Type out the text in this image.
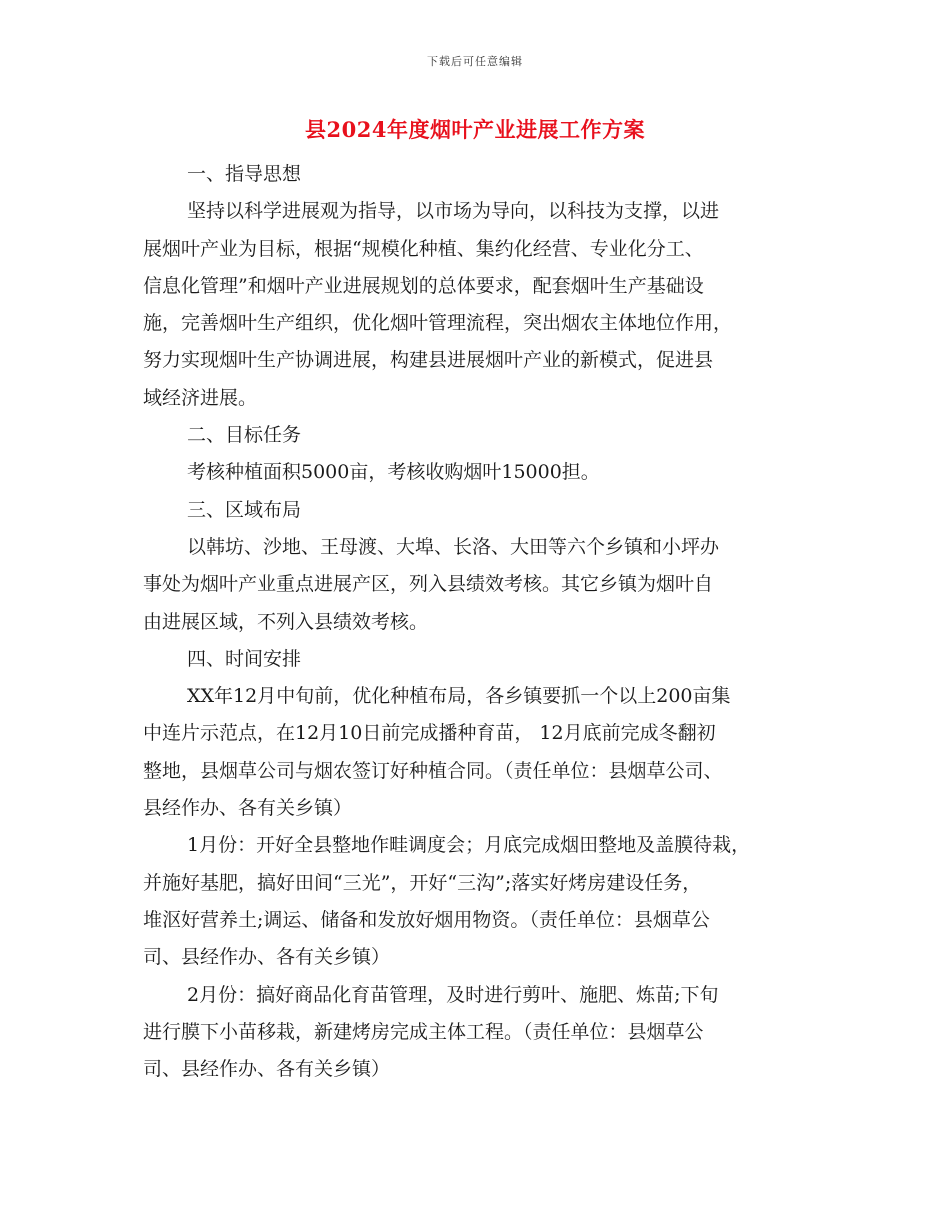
下载后可任意编辑
县2024年度烟叶产业进展工作方案
一、指导思想
坚持以科学进展观为指导，以市场为导向，以科技为支撑，以进
展烟叶产业为目标，根据“规模化种植、集约化经营、专业化分工、
信息化管理”和烟叶产业进展规划的总体要求，配套烟叶生产基础设
施，完善烟叶生产组织，优化烟叶管理流程，突出烟农主体地位作用，
努力实现烟叶生产协调进展，构建县进展烟叶产业的新模式，促进县
域经济进展。
二、目标任务
考核种植面积5000亩，考核收购烟叶15000担。
三、区域布局
以韩坊、沙地、王母渡、大埠、长洛、大田等六个乡镇和小坪办
事处为烟叶产业重点进展产区，列入县绩效考核。其它乡镇为烟叶自
由进展区域，不列入县绩效考核。
四、时间安排
XX年12月中旬前，优化种植布局，各乡镇要抓一个以上200亩集
中连片示范点，在12月10日前完成播种育苗， 12月底前完成冬翻初
整地，县烟草公司与烟农签订好种植合同。（责任单位：县烟草公司、
县经作办、各有关乡镇）
1月份：开好全县整地作畦调度会；月底完成烟田整地及盖膜待栽，
并施好基肥，搞好田间“三光”，开好“三沟”;落实好烤房建设任务，
堆沤好营养土;调运、储备和发放好烟用物资。（责任单位：县烟草公
司、县经作办、各有关乡镇）
2月份：搞好商品化育苗管理，及时进行剪叶、施肥、炼苗;下旬
进行膜下小苗移栽，新建烤房完成主体工程。（责任单位：县烟草公
司、县经作办、各有关乡镇）
